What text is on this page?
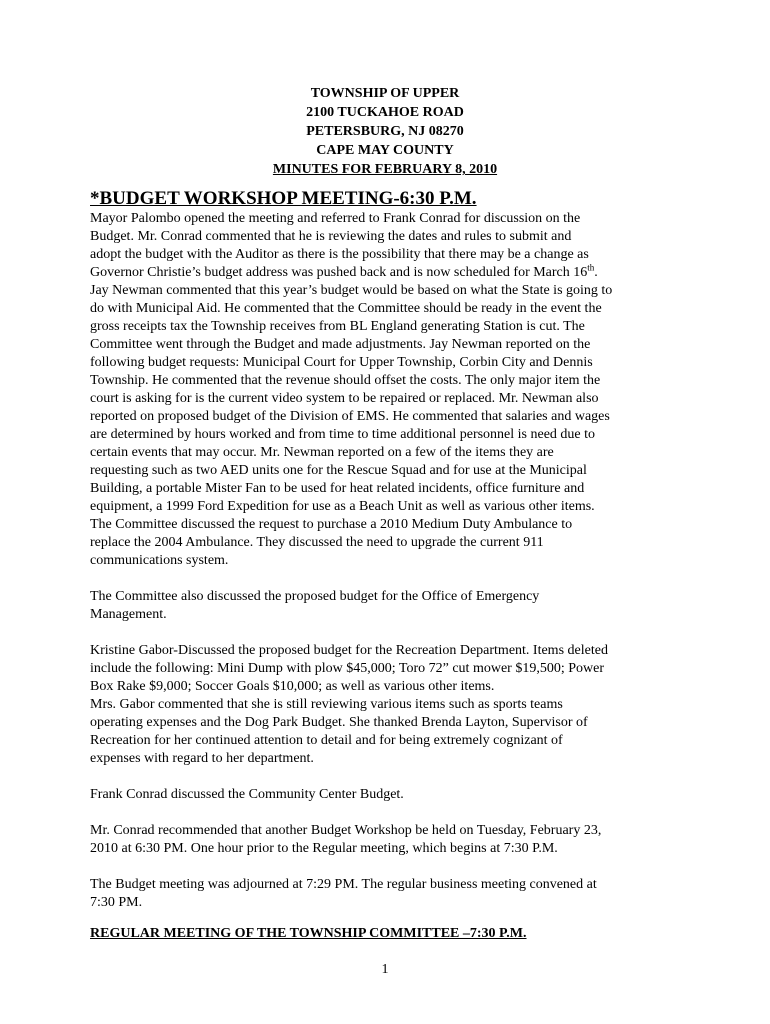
TOWNSHIP OF UPPER
2100 TUCKAHOE ROAD
PETERSBURG, NJ 08270
CAPE MAY COUNTY
MINUTES FOR FEBRUARY 8, 2010
*BUDGET WORKSHOP MEETING-6:30 P.M.
Mayor Palombo opened the meeting and referred to Frank Conrad for discussion on the
Budget. Mr. Conrad commented that he is reviewing the dates and rules to submit and
adopt the budget with the Auditor as there is the possibility that there may be a change as
Governor Christie’s budget address was pushed back and is now scheduled for March 16th.
Jay Newman commented that this year’s budget would be based on what the State is going to
do with Municipal Aid. He commented that the Committee should be ready in the event the
gross receipts tax the Township receives from BL England generating Station is cut. The
Committee went through the Budget and made adjustments. Jay Newman reported on the
following budget requests: Municipal Court for Upper Township, Corbin City and Dennis
Township. He commented that the revenue should offset the costs. The only major item the
court is asking for is the current video system to be repaired or replaced. Mr. Newman also
reported on proposed budget of the Division of EMS. He commented that salaries and wages
are determined by hours worked and from time to time additional personnel is need due to
certain events that may occur. Mr. Newman reported on a few of the items they are
requesting such as two AED units one for the Rescue Squad and for use at the Municipal
Building, a portable Mister Fan to be used for heat related incidents, office furniture and
equipment, a 1999 Ford Expedition for use as a Beach Unit as well as various other items.
The Committee discussed the request to purchase a 2010 Medium Duty Ambulance to
replace the 2004 Ambulance. They discussed the need to upgrade the current 911
communications system.
The Committee also discussed the proposed budget for the Office of Emergency
Management.
Kristine Gabor-Discussed the proposed budget for the Recreation Department. Items deleted
include the following: Mini Dump with plow $45,000; Toro 72” cut mower $19,500; Power
Box Rake $9,000; Soccer Goals $10,000; as well as various other items.
Mrs. Gabor commented that she is still reviewing various items such as sports teams
operating expenses and the Dog Park Budget. She thanked Brenda Layton, Supervisor of
Recreation for her continued attention to detail and for being extremely cognizant of
expenses with regard to her department.
Frank Conrad discussed the Community Center Budget.
Mr. Conrad recommended that another Budget Workshop be held on Tuesday, February 23,
2010 at 6:30 PM. One hour prior to the Regular meeting, which begins at 7:30 P.M.
The Budget meeting was adjourned at 7:29 PM. The regular business meeting convened at
7:30 PM.
REGULAR MEETING OF THE TOWNSHIP COMMITTEE –7:30 P.M.
1
